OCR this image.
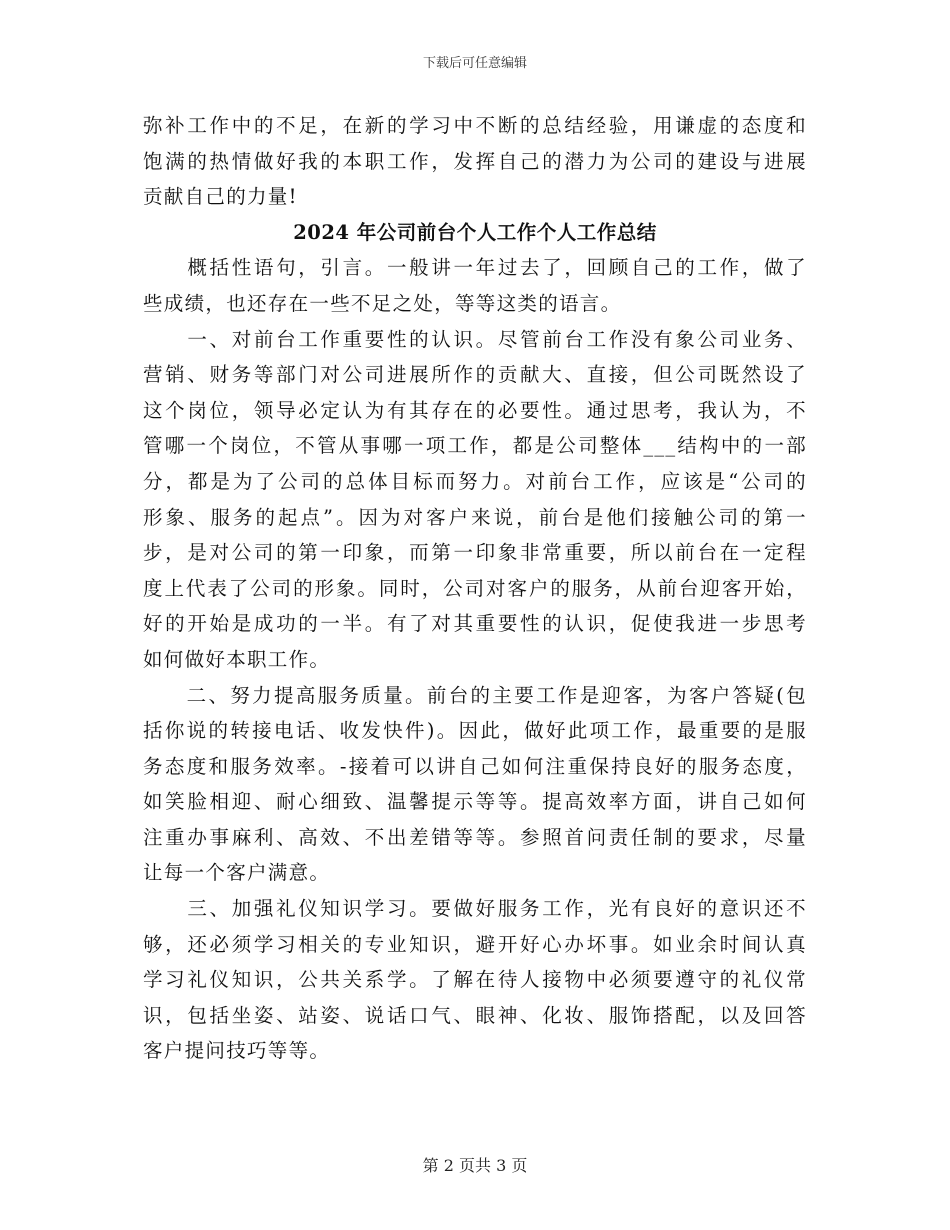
下载后可任意编辑
弥补工作中的不足，在新的学习中不断的总结经验，用谦虚的态度和
饱满的热情做好我的本职工作，发挥自己的潜力为公司的建设与进展
贡献自己的力量!
2024 年公司前台个人工作个人工作总结
　　概括性语句，引言。一般讲一年过去了，回顾自己的工作，做了
些成绩，也还存在一些不足之处，等等这类的语言。
　　一、对前台工作重要性的认识。尽管前台工作没有象公司业务、
营销、财务等部门对公司进展所作的贡献大、直接，但公司既然设了
这个岗位，领导必定认为有其存在的必要性。通过思考，我认为，不
管哪一个岗位，不管从事哪一项工作，都是公司整体___结构中的一部
分，都是为了公司的总体目标而努力。对前台工作，应该是“公司的
形象、服务的起点”。因为对客户来说，前台是他们接触公司的第一
步，是对公司的第一印象，而第一印象非常重要，所以前台在一定程
度上代表了公司的形象。同时，公司对客户的服务，从前台迎客开始，
好的开始是成功的一半。有了对其重要性的认识，促使我进一步思考
如何做好本职工作。
　　二、努力提高服务质量。前台的主要工作是迎客，为客户答疑(包
括你说的转接电话、收发快件)。因此，做好此项工作，最重要的是服
务态度和服务效率。-接着可以讲自己如何注重保持良好的服务态度，
如笑脸相迎、耐心细致、温馨提示等等。提高效率方面，讲自己如何
注重办事麻利、高效、不出差错等等。参照首问责任制的要求，尽量
让每一个客户满意。
　　三、加强礼仪知识学习。要做好服务工作，光有良好的意识还不
够，还必须学习相关的专业知识，避开好心办坏事。如业余时间认真
学习礼仪知识，公共关系学。了解在待人接物中必须要遵守的礼仪常
识，包括坐姿、站姿、说话口气、眼神、化妆、服饰搭配，以及回答
客户提问技巧等等。
第 2 页共 3 页
